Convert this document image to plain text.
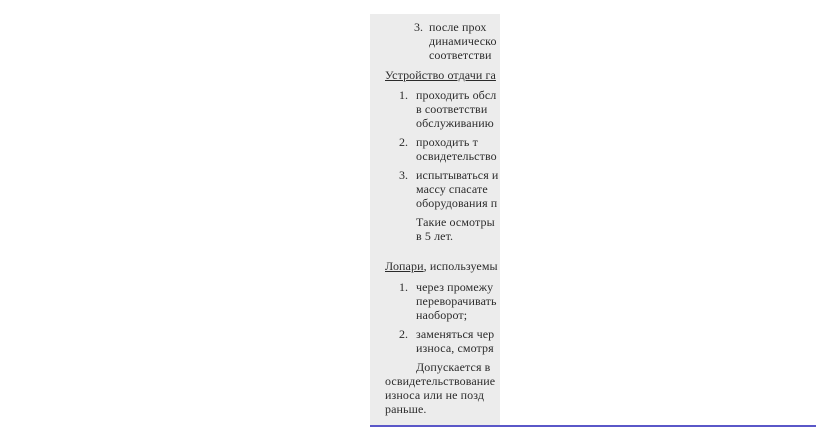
3. после прох
динамическо
соответстви
Устройство отдачи га
1. проходить обсл
в соответстви
обслуживанию
2. проходить т
освидетельство
3. испытываться и
массу спасате
оборудования п
Такие осмотры
в 5 лет.
Лопари, используемы
1. через промежу
переворачивать
наоборот;
2. заменяться чер
износа, смотря
Допускается в
освидетельствование
износа или не позд
раньше.
